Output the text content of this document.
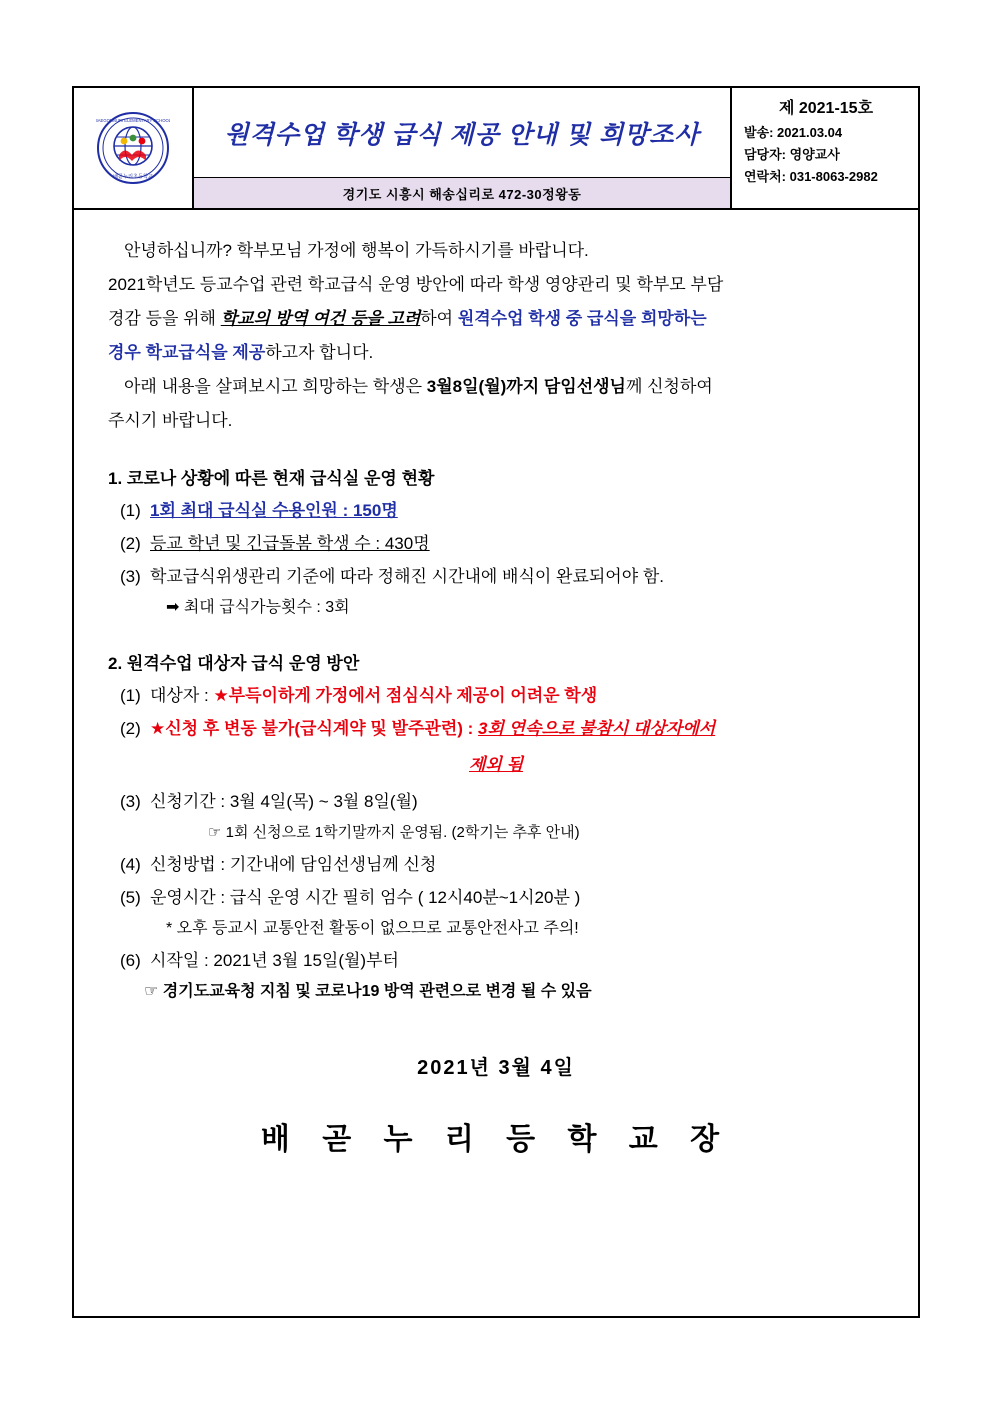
BAEGONNURI ELEMENTARY SCHOOL
배곧누리초등학교
원격수업 학생 급식 제공 안내 및 희망조사
경기도 시흥시 해송십리로 472-30정왕동
제 2021-15호
발송: 2021.03.04
담당자: 영양교사
연락처: 031-8063-2982

안녕하십니까? 학부모님 가정에 행복이 가득하시기를 바랍니다.

2021학년도 등교수업 관련 학교급식 운영 방안에 따라 학생 영양관리 및 학부모 부담

경감 등을 위해 학교의 방역 여건 등을 고려하여 원격수업 학생 중 급식을 희망하는

경우 학교급식을 제공하고자 합니다.

아래 내용을 살펴보시고 희망하는 학생은 3월8일(월)까지 담임선생님께 신청하여

주시기 바랍니다.

1. 코로나 상황에 따른 현재 급식실 운영 현황
(1) 1회 최대 급식실 수용인원 : 150명
(2) 등교 학년 및 긴급돌봄 학생 수 : 430명
(3) 학교급식위생관리 기준에 따라 정해진 시간내에 배식이 완료되어야 함.
➡ 최대 급식가능횟수 : 3회
2. 원격수업 대상자 급식 운영 방안
(1) 대상자 : ★부득이하게 가정에서 점심식사 제공이 어려운 학생
(2) ★신청 후 변동 불가(급식계약 및 발주관련) : 3회 연속으로 불참시 대상자에서
제외 됨
(3) 신청기간 : 3월 4일(목) ~ 3월 8일(월)
☞ 1회 신청으로 1학기말까지 운영됨. (2학기는 추후 안내)
(4) 신청방법 : 기간내에 담임선생님께 신청
(5) 운영시간 : 급식 운영 시간 필히 엄수 ( 12시40분~1시20분 )
* 오후 등교시 교통안전 활동이 없으므로 교통안전사고 주의!
(6) 시작일 : 2021년 3월 15일(월)부터
☞ 경기도교육청 지침 및 코로나19 방역 관련으로 변경 될 수 있음
2021년 3월 4일
배 곧 누 리 등 학 교 장
